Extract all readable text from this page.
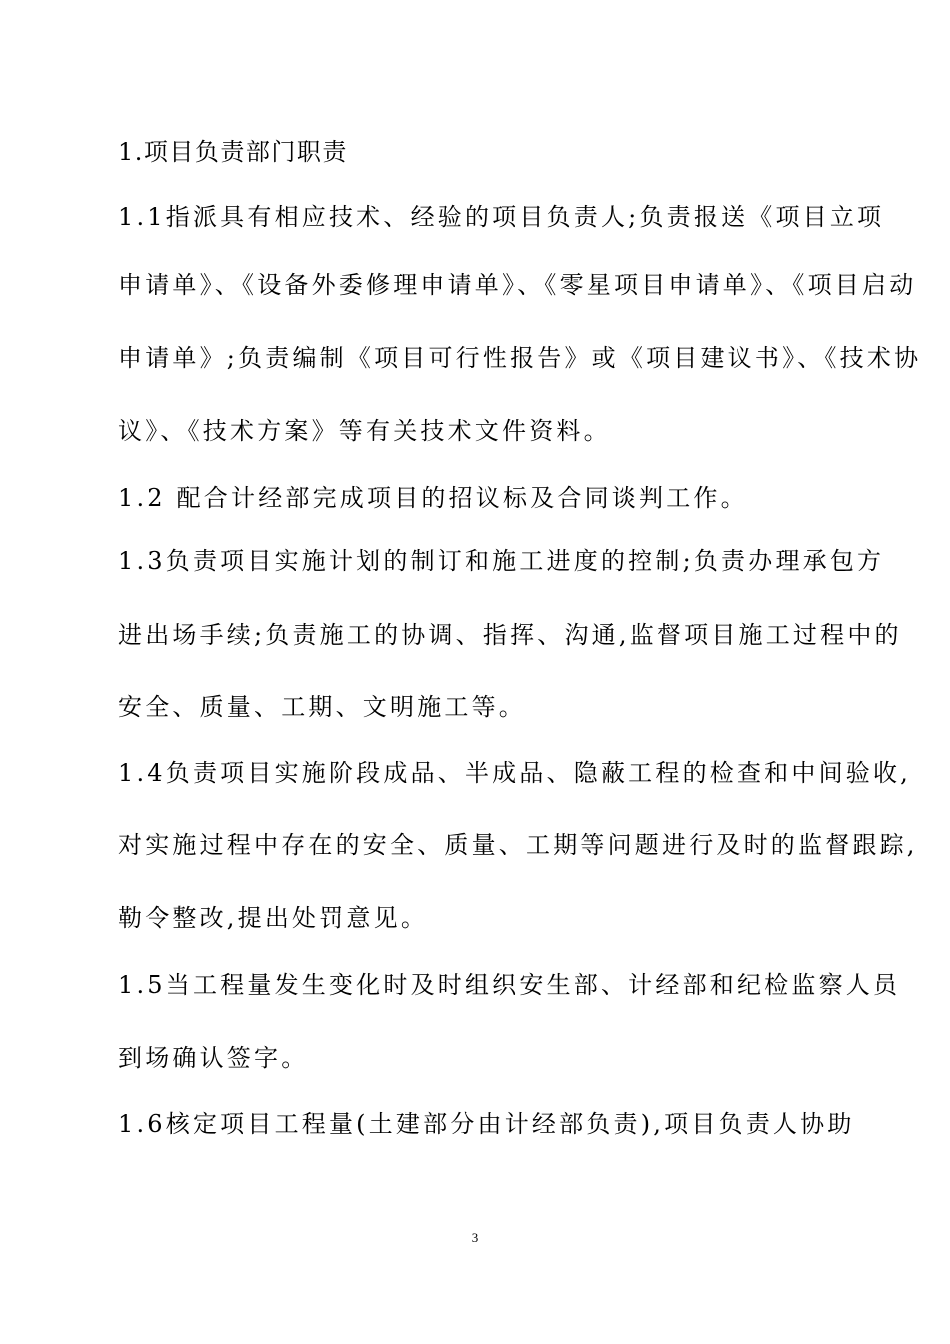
1.项目负责部门职责
1.1指派具有相应技术、经验的项目负责人;负责报送《项目立项
申请单》、《设备外委修理申请单》、《零星项目申请单》、《项目启动
申请单》;负责编制《项目可行性报告》或《项目建议书》、《技术协
议》、《技术方案》等有关技术文件资料。
1.2 配合计经部完成项目的招议标及合同谈判工作。
1.3负责项目实施计划的制订和施工进度的控制;负责办理承包方
进出场手续;负责施工的协调、指挥、沟通,监督项目施工过程中的
安全、质量、工期、文明施工等。
1.4负责项目实施阶段成品、半成品、隐蔽工程的检查和中间验收,
对实施过程中存在的安全、质量、工期等问题进行及时的监督跟踪,
勒令整改,提出处罚意见。
1.5当工程量发生变化时及时组织安生部、计经部和纪检监察人员
到场确认签字。
1.6核定项目工程量(土建部分由计经部负责),项目负责人协助
3
